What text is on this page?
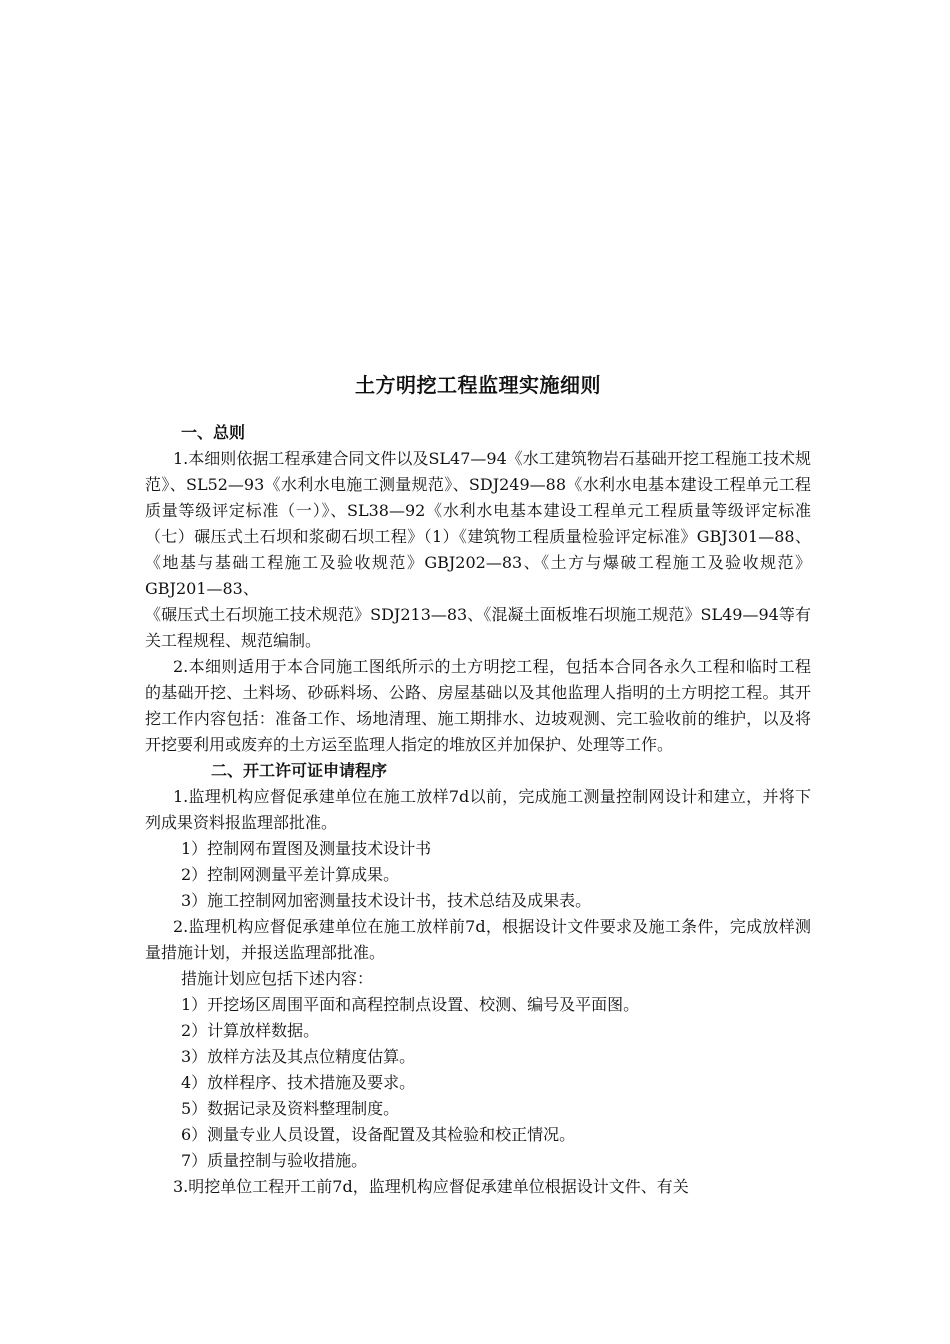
土方明挖工程监理实施细则

一、总则

1.本细则依据工程承建合同文件以及SL47—94《水工建筑物岩石基础开挖工程施工技术规范》、SL52—93《水利水电施工测量规范》、SDJ249—88《水利水电基本建设工程单元工程质量等级评定标准（一）》、SL38—92《水利水电基本建设工程单元工程质量等级评定标准（七）碾压式土石坝和浆砌石坝工程》（1）《建筑物工程质量检验评定标准》GBJ301—88、《地基与基础工程施工及验收规范》GBJ202—83、《土方与爆破工程施工及验收规范》GBJ201—83、

《碾压式土石坝施工技术规范》SDJ213—83、《混凝土面板堆石坝施工规范》SL49—94等有关工程规程、规范编制。

2.本细则适用于本合同施工图纸所示的土方明挖工程，包括本合同各永久工程和临时工程的基础开挖、土料场、砂砾料场、公路、房屋基础以及其他监理人指明的土方明挖工程。其开挖工作内容包括：准备工作、场地清理、施工期排水、边坡观测、完工验收前的维护，以及将开挖要利用或废弃的土方运至监理人指定的堆放区并加保护、处理等工作。

二、开工许可证申请程序

1.监理机构应督促承建单位在施工放样7d以前，完成施工测量控制网设计和建立，并将下列成果资料报监理部批准。

1）控制网布置图及测量技术设计书

2）控制网测量平差计算成果。

3）施工控制网加密测量技术设计书，技术总结及成果表。

2.监理机构应督促承建单位在施工放样前7d，根据设计文件要求及施工条件，完成放样测量措施计划，并报送监理部批准。

措施计划应包括下述内容：

1）开挖场区周围平面和高程控制点设置、校测、编号及平面图。

2）计算放样数据。

3）放样方法及其点位精度估算。

4）放样程序、技术措施及要求。

5）数据记录及资料整理制度。

6）测量专业人员设置，设备配置及其检验和校正情况。

7）质量控制与验收措施。

3.明挖单位工程开工前7d，监理机构应督促承建单位根据设计文件、有关
